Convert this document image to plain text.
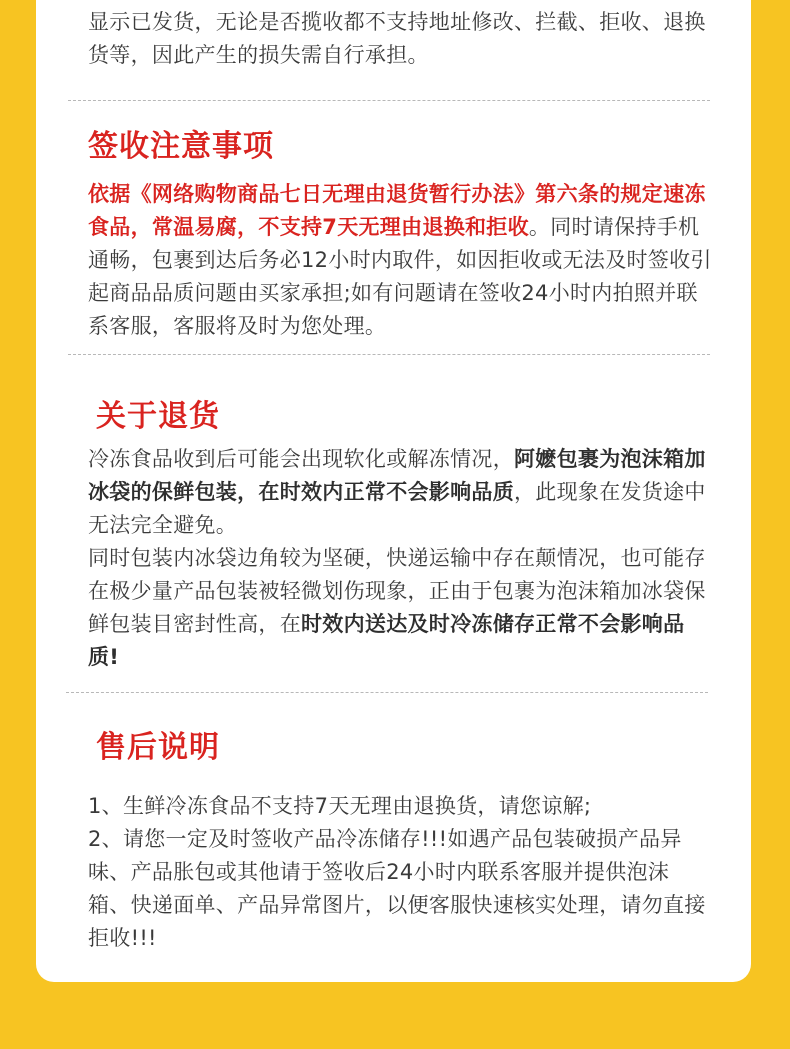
显示已发货，无论是否揽收都不支持地址修改、拦截、拒收、退换货等，因此产生的损失需自行承担。

签收注意事项

依据《网络购物商品七日无理由退货暂行办法》第六条的规定速冻食品，常温易腐，不支持7天无理由退换和拒收。同时请保持手机通畅，包裹到达后务必12小时内取件，如因拒收或无法及时签收引起商品品质问题由买家承担;如有问题请在签收24小时内拍照并联系客服，客服将及时为您处理。

关于退货

冷冻食品收到后可能会出现软化或解冻情况，阿嬷包裹为泡沫箱加冰袋的保鲜包装，在时效内正常不会影响品质，此现象在发货途中无法完全避免。

同时包装内冰袋边角较为坚硬，快递运输中存在颠情况，也可能存在极少量产品包装被轻微划伤现象，正由于包裹为泡沫箱加冰袋保鲜包装目密封性高，在时效内送达及时冷冻储存正常不会影响品质!

售后说明

1、生鲜冷冻食品不支持7天无理由退换货，请您谅解;

2、请您一定及时签收产品冷冻储存!!!如遇产品包装破损产品异味、产品胀包或其他请于签收后24小时内联系客服并提供泡沫箱、快递面单、产品异常图片，以便客服快速核实处理，请勿直接拒收!!!
